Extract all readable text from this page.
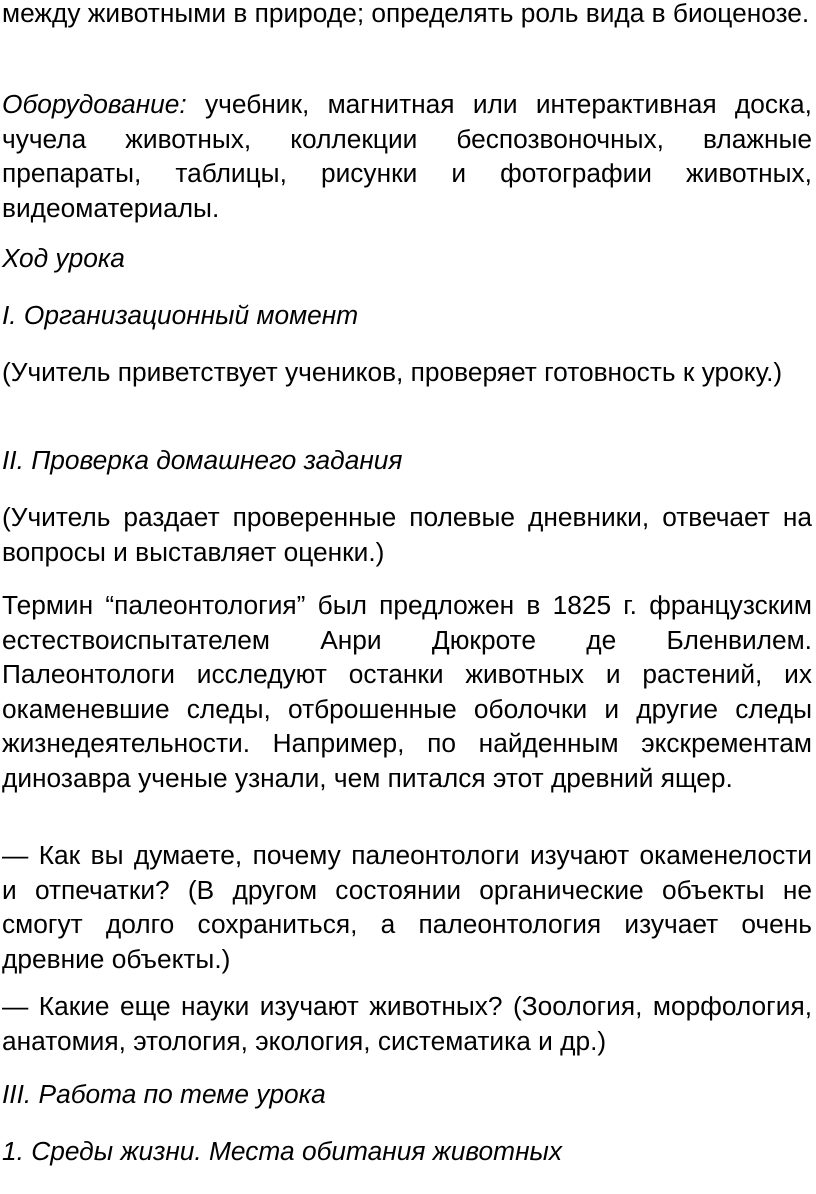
между животными в природе; определять роль вида в биоценозе.

Оборудование: учебник, магнитная или интерактивная доска, чучела животных, коллекции беспозвоночных, влажные препараты, таблицы, рисунки и фотографии животных, видеоматериалы.

Ход урока

I. Организационный момент

(Учитель приветствует учеников, проверяет готовность к уроку.)

II. Проверка домашнего задания

(Учитель раздает проверенные полевые дневники, отвечает на вопросы и выставляет оценки.)

Термин “палеонтология” был предложен в 1825 г. французским естествоиспытателем Анри Дюкроте де Бленвилем. Палеонтологи исследуют останки животных и растений, их окаменевшие следы, отброшенные оболочки и другие следы жизнедеятельности. Например, по найденным экскрементам динозавра ученые узнали, чем питался этот древний ящер.

— Как вы думаете, почему палеонтологи изучают окаменелости и отпечатки? (В другом состоянии органические объекты не смогут долго сохраниться, а палеонтология изучает очень древние объекты.)

— Какие еще науки изучают животных? (Зоология, морфология, анатомия, этология, экология, систематика и др.)

III. Работа по теме урока

1. Среды жизни. Места обитания животных
